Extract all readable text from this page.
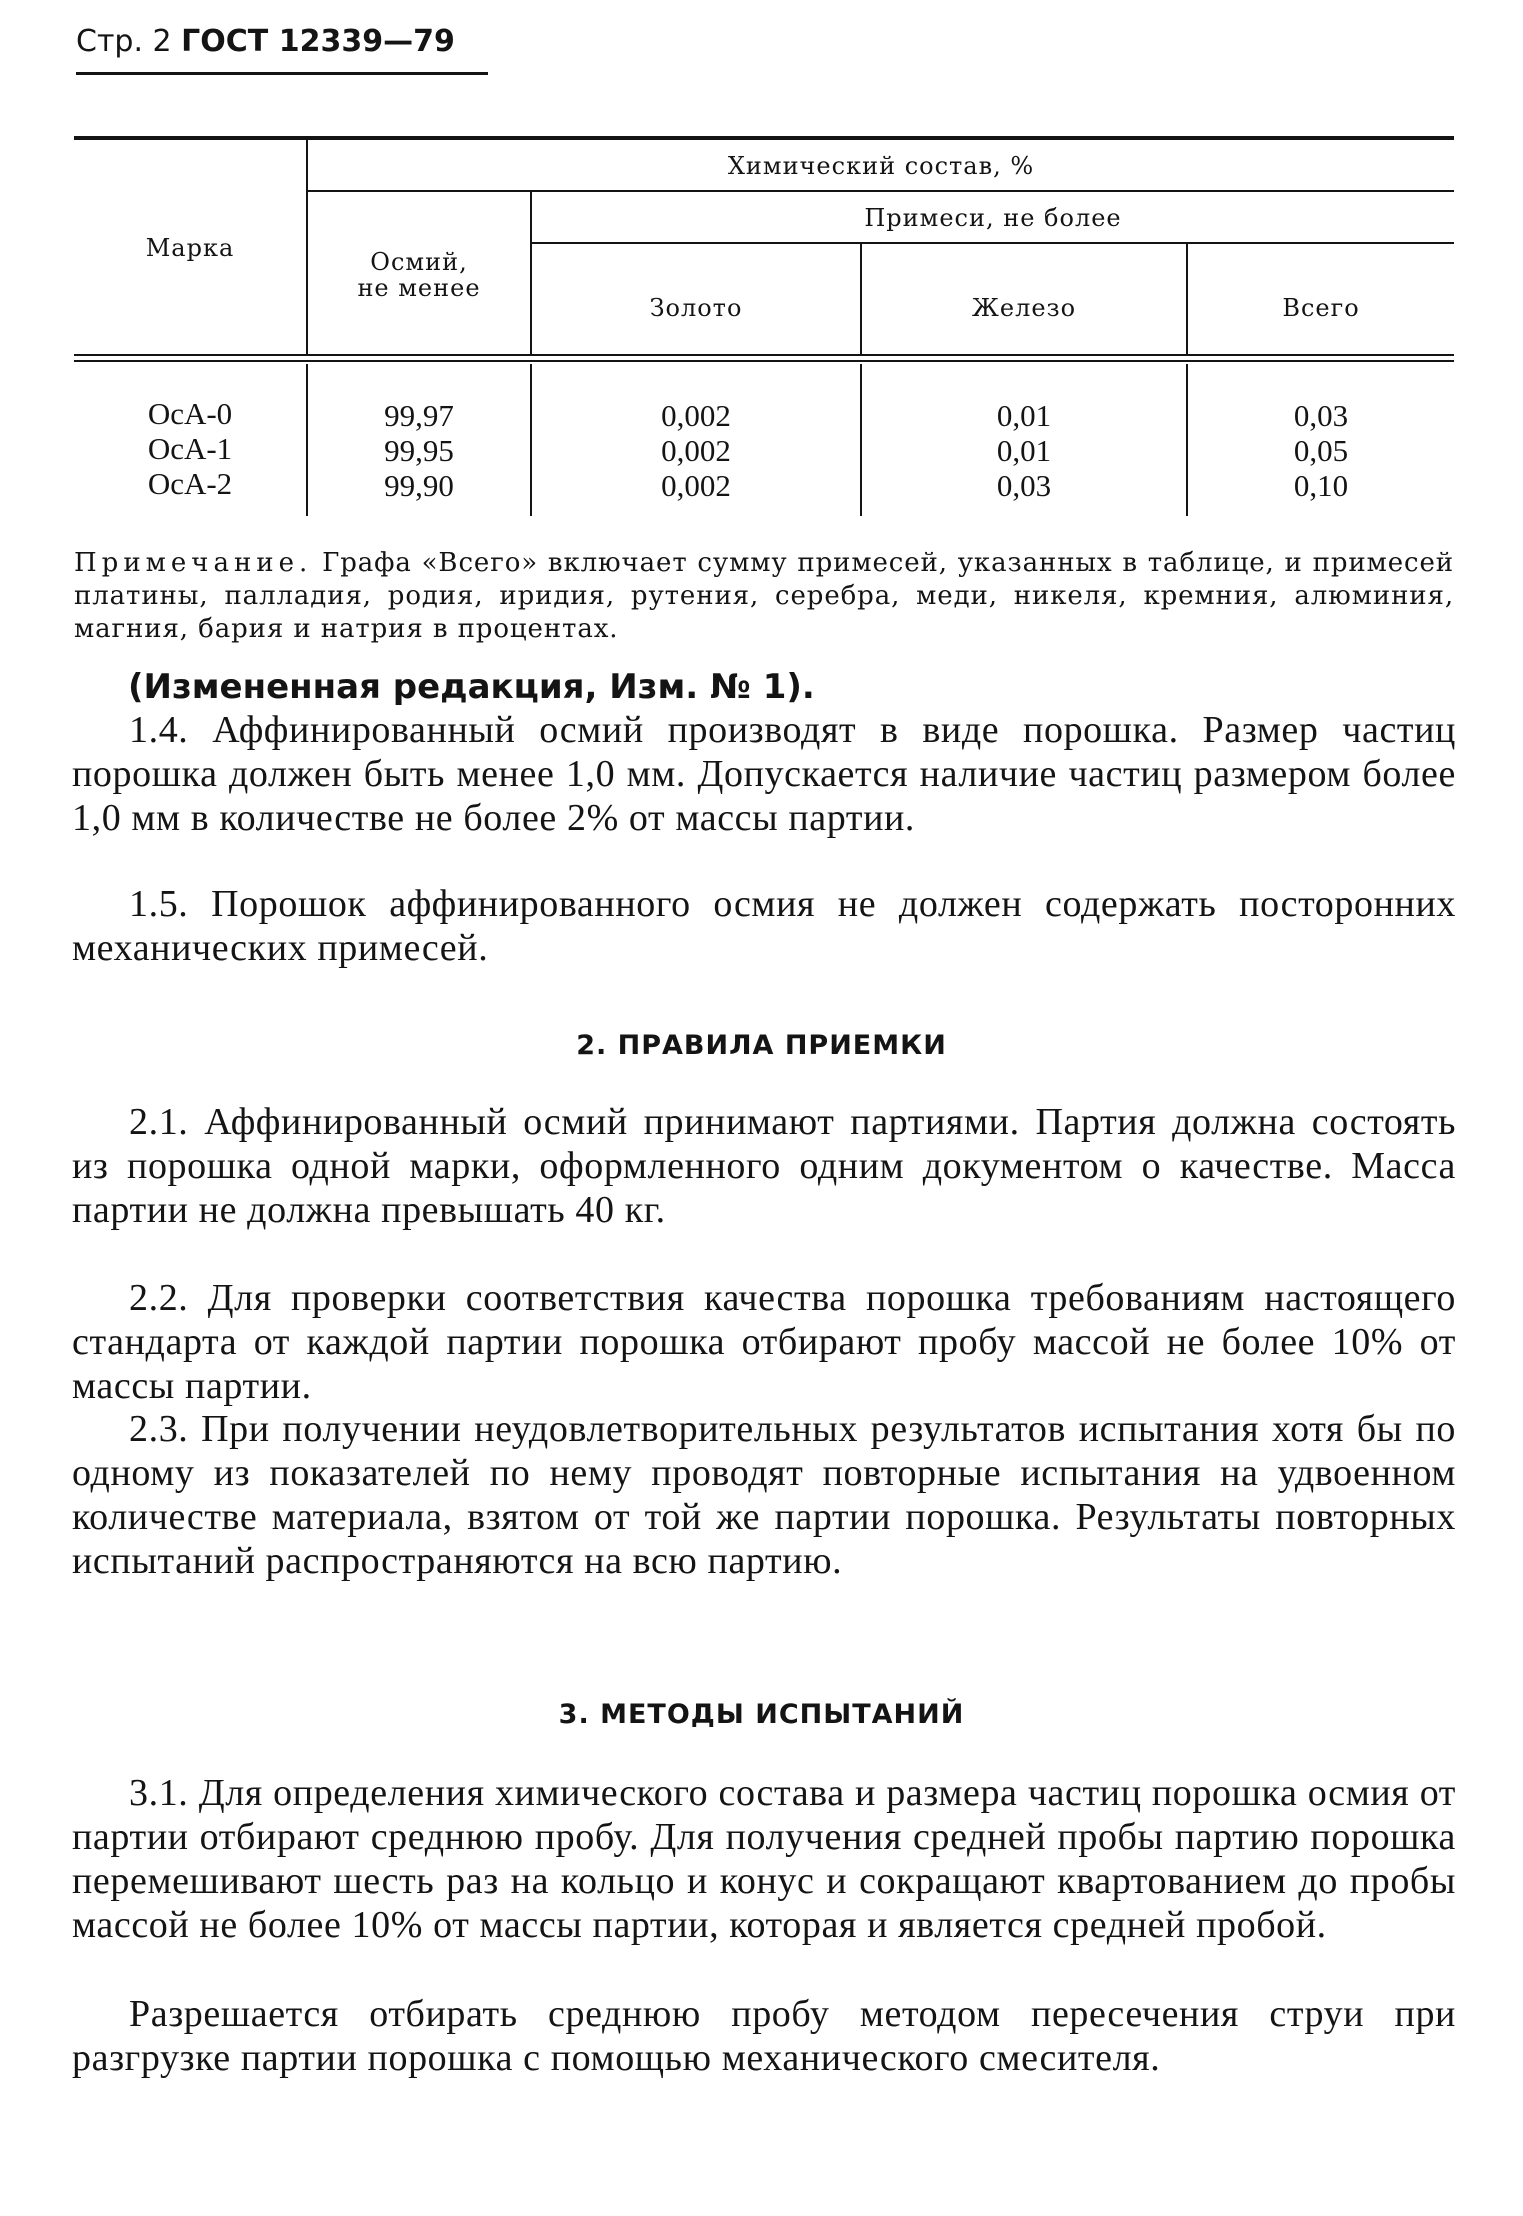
Стр. 2 ГОСТ 12339—79
Марка
Химический состав, %
Осмий,
не менее
Примеси, не более
Золото	Железо	Всего
ОсА-0	99,97	0,002	0,01	0,03
ОсА-1	99,95	0,002	0,01	0,05
ОсА-2	99,90	0,002	0,03	0,10
Примечание. Графа «Всего» включает сумму примесей, указанных в таблице, и примесей платины, палладия, родия, иридия, рутения, серебра, меди, никеля, кремния, алюминия, магния, бария и натрия в процентах.
(Измененная редакция, Изм. № 1).
1.4. Аффинированный осмий производят в виде порошка. Размер частиц порошка должен быть менее 1,0 мм. Допускается наличие частиц размером более 1,0 мм в количестве не более 2% от массы партии.
1.5. Порошок аффинированного осмия не должен содержать посторонних механических примесей.
2. ПРАВИЛА ПРИЕМКИ
2.1. Аффинированный осмий принимают партиями. Партия должна состоять из порошка одной марки, оформленного одним документом о качестве. Масса партии не должна превышать 40 кг.
2.2. Для проверки соответствия качества порошка требованиям настоящего стандарта от каждой партии порошка отбирают пробу массой не более 10% от массы партии.
2.3. При получении неудовлетворительных результатов испытания хотя бы по одному из показателей по нему проводят повторные испытания на удвоенном количестве материала, взятом от той же партии порошка. Результаты повторных испытаний распространяются на всю партию.
3. МЕТОДЫ ИСПЫТАНИЙ
3.1. Для определения химического состава и размера частиц порошка осмия от партии отбирают среднюю пробу. Для получения средней пробы партию порошка перемешивают шесть раз на кольцо и конус и сокращают квартованием до пробы массой не более 10% от массы партии, которая и является средней пробой.
Разрешается отбирать среднюю пробу методом пересечения струи при разгрузке партии порошка с помощью механического смесителя.
